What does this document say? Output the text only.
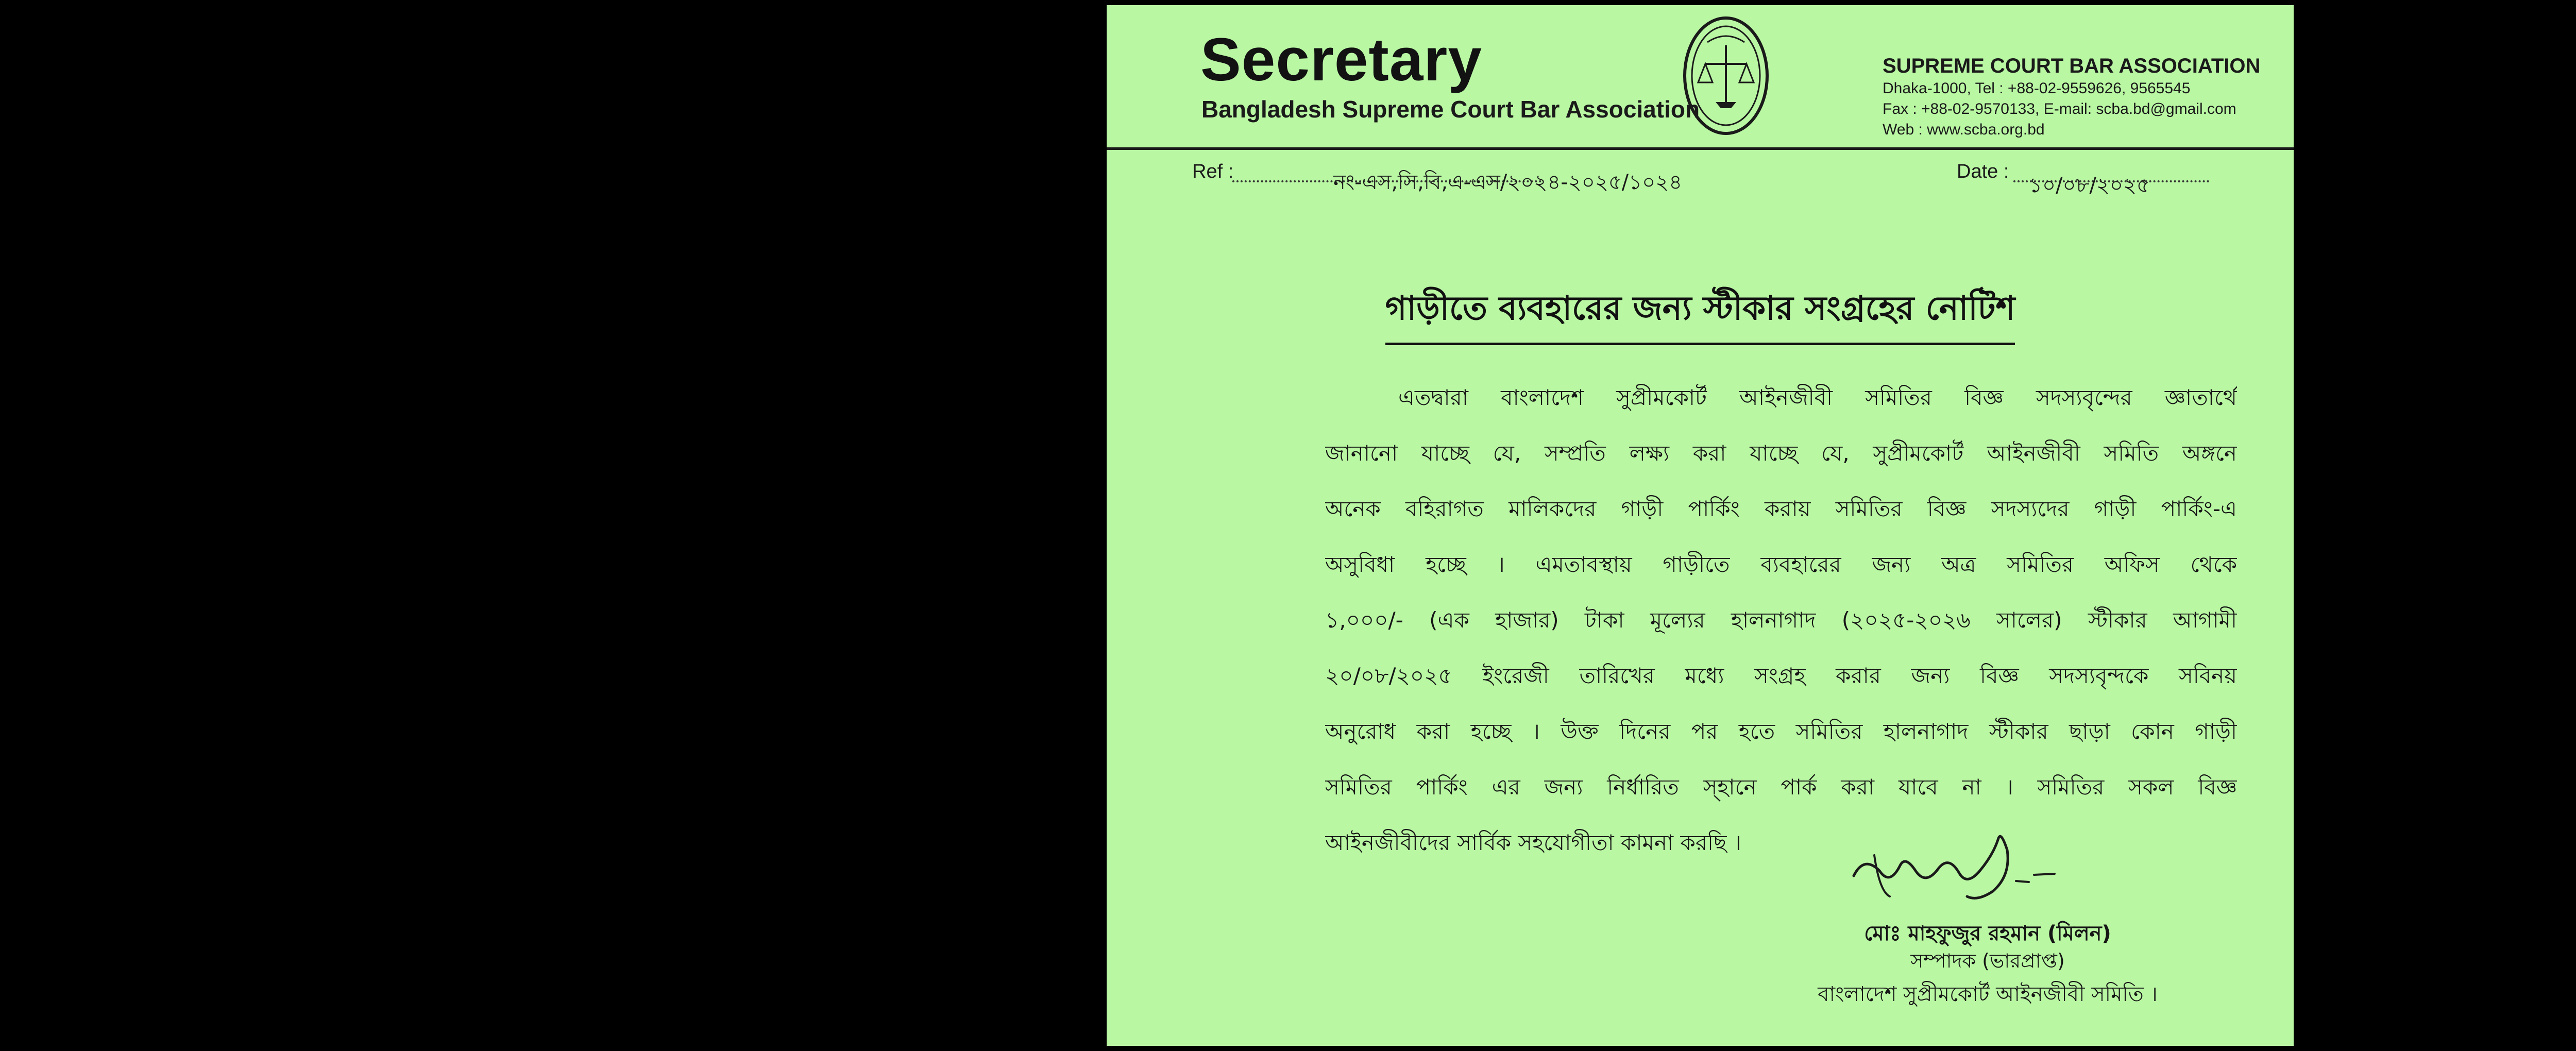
Secretary
Bangladesh Supreme Court Bar Association
SUPREME COURT BAR ASSOCIATION
Dhaka-1000, Tel : +88-02-9559626, 9565545
Fax : +88-02-9570133, E-mail: scba.bd@gmail.com
Web : www.scba.org.bd
Ref :	নং-এস,সি,বি,এ-এস/২০২৪-২০২৫/১০২৪	Date :
১০/০৮/২০২৫
গাড়ীতে ব্যবহারের জন্য স্টীকার সংগ্রহের নোটিশ
এতদ্বারা বাংলাদেশ সুপ্রীমকোর্ট আইনজীবী সমিতির বিজ্ঞ সদস্যবৃন্দের জ্ঞাতার্থে
জানানো যাচ্ছে যে, সম্প্রতি লক্ষ্য করা যাচ্ছে যে, সুপ্রীমকোর্ট আইনজীবী সমিতি অঙ্গনে
অনেক বহিরাগত মালিকদের গাড়ী পার্কিং করায় সমিতির বিজ্ঞ সদস্যদের গাড়ী পার্কিং-এ
অসুবিধা হচ্ছে । এমতাবস্থায় গাড়ীতে ব্যবহারের জন্য অত্র সমিতির অফিস থেকে
১,০০০/- (এক হাজার) টাকা মূল্যের হালনাগাদ (২০২৫-২০২৬ সালের) স্টীকার আগামী
২০/০৮/২০২৫ ইংরেজী তারিখের মধ্যে সংগ্রহ করার জন্য বিজ্ঞ সদস্যবৃন্দকে সবিনয়
অনুরোধ করা হচ্ছে । উক্ত দিনের পর হতে সমিতির হালনাগাদ স্টীকার ছাড়া কোন গাড়ী
সমিতির পার্কিং এর জন্য নির্ধারিত স্হানে পার্ক করা যাবে না । সমিতির সকল বিজ্ঞ
আইনজীবীদের সার্বিক সহযোগীতা কামনা করছি ।
মোঃ মাহফুজুর রহমান (মিলন)
সম্পাদক (ভারপ্রাপ্ত)
বাংলাদেশ সুপ্রীমকোর্ট আইনজীবী সমিতি ।
